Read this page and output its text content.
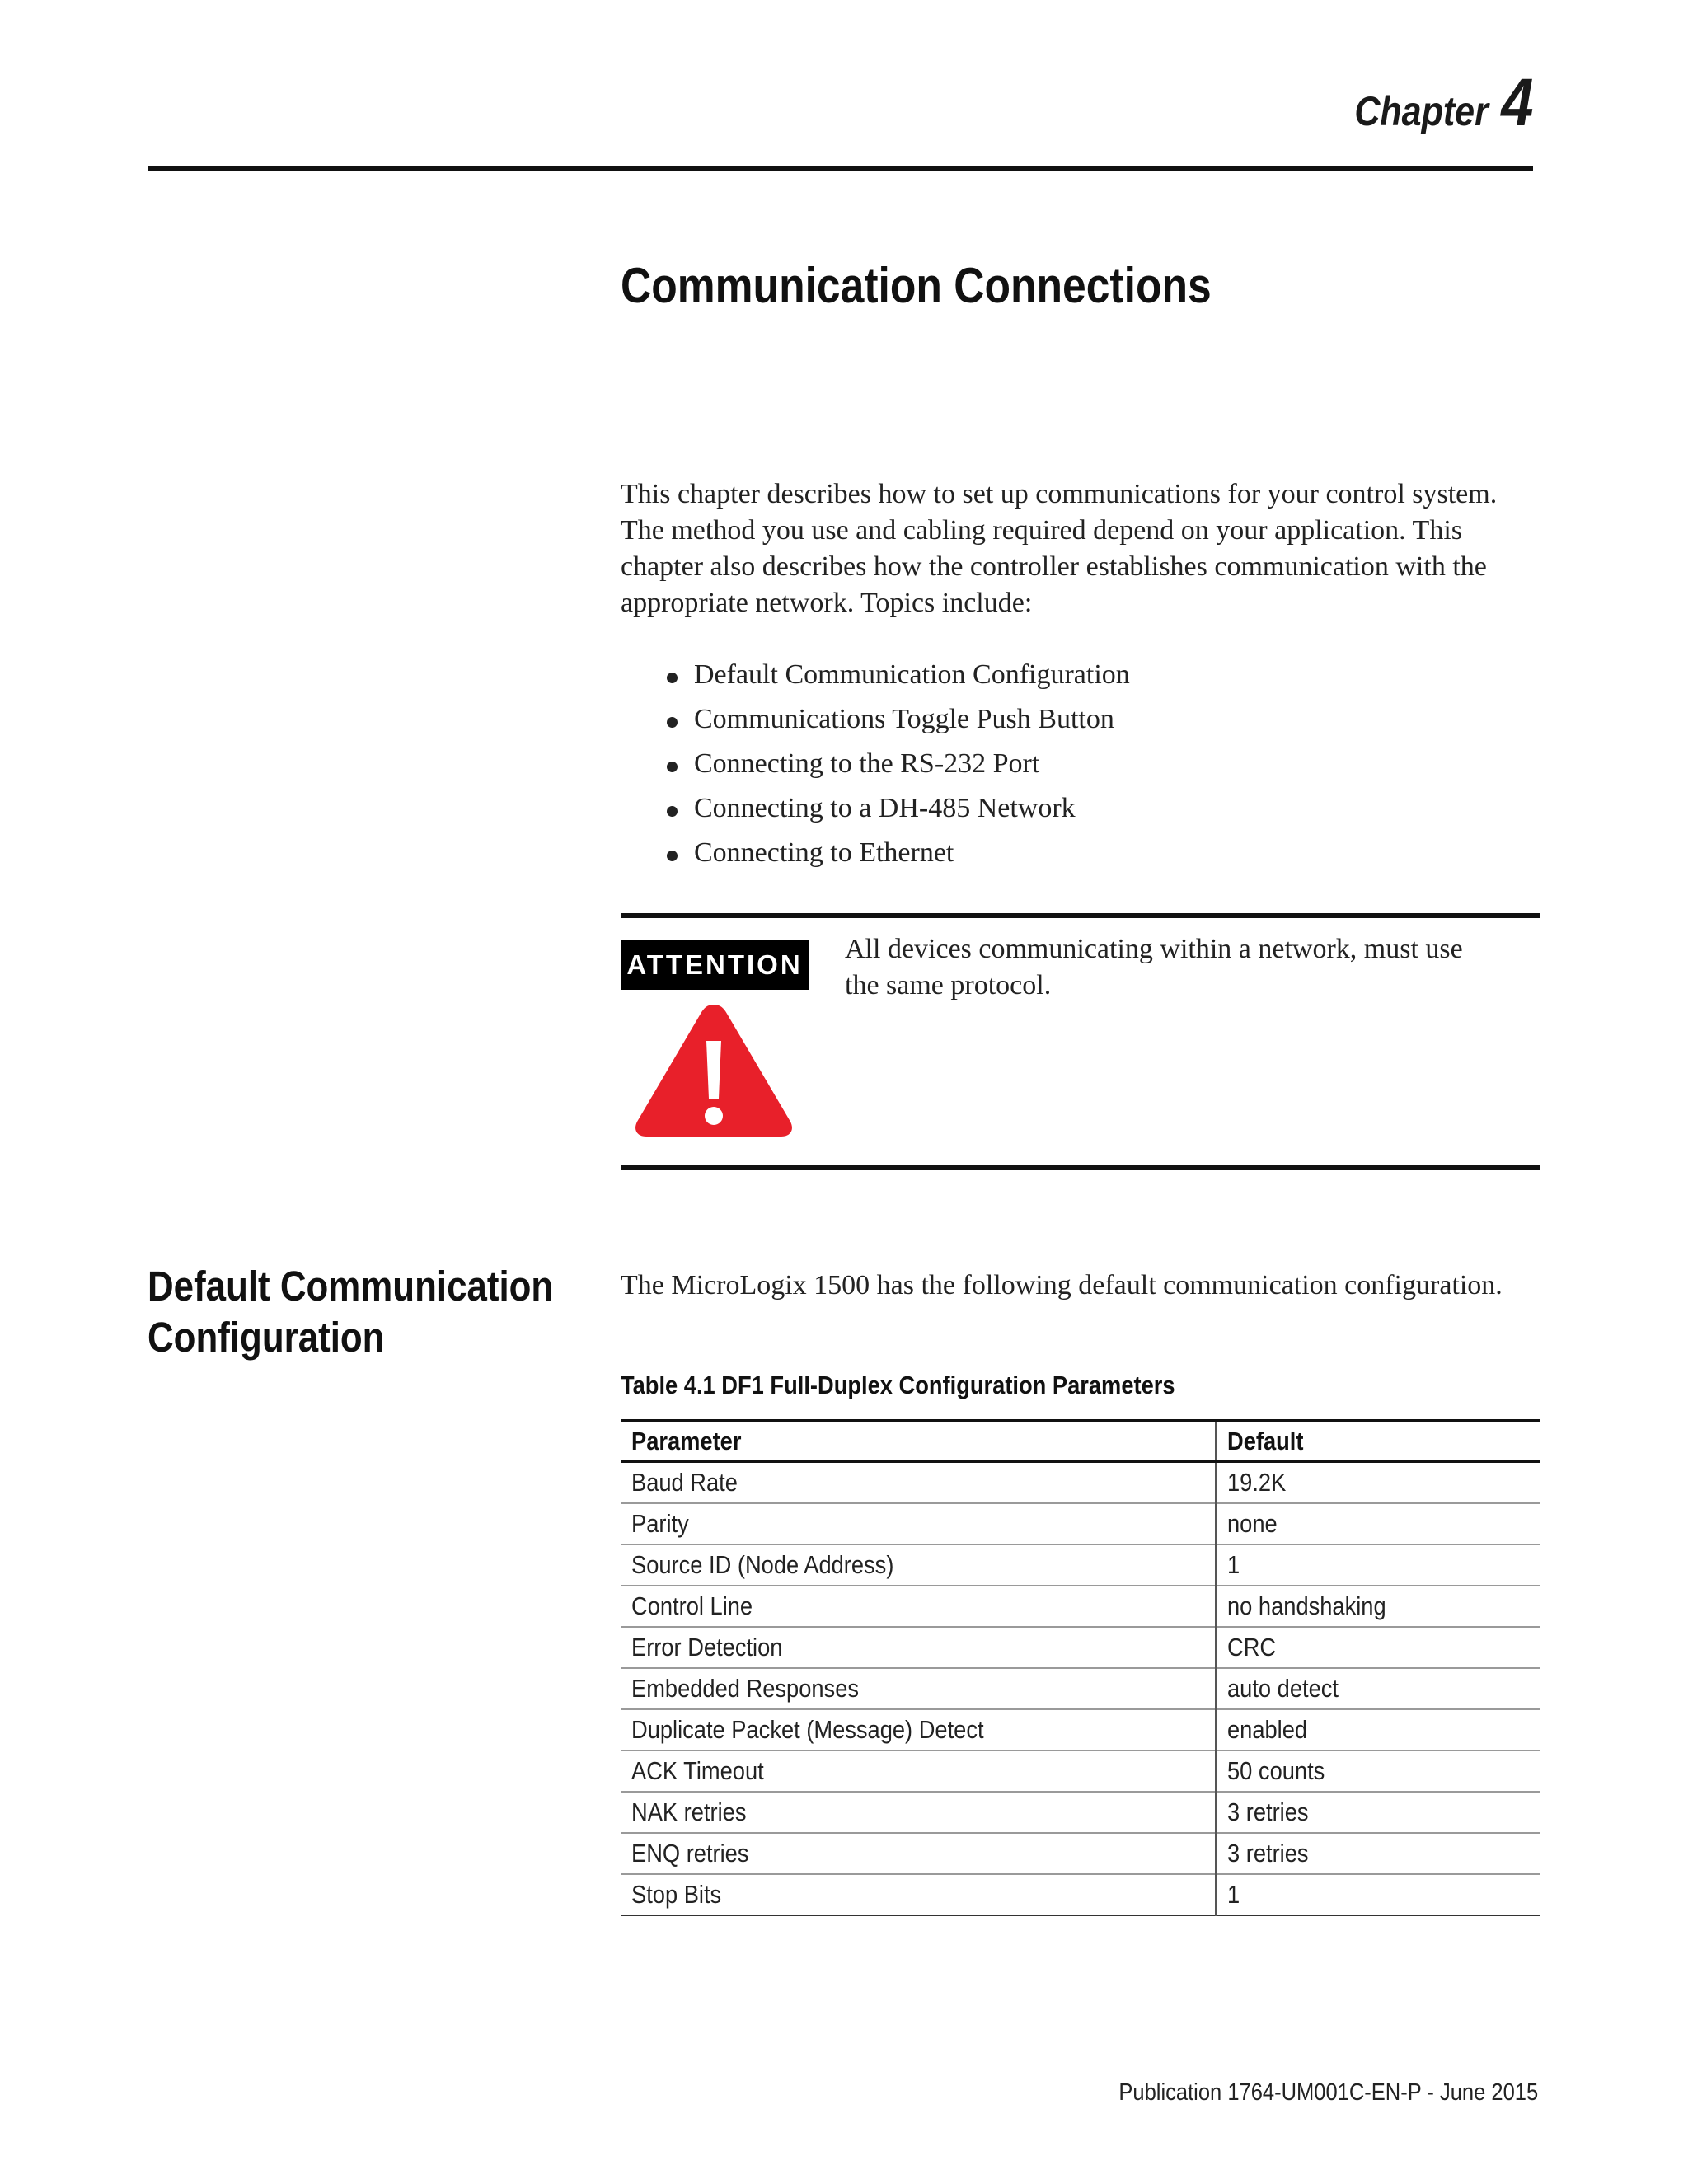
Chapter 4
Communication Connections

This chapter describes how to set up communications for your control system. The method you use and cabling required depend on your application. This chapter also describes how the controller establishes communication with the appropriate network. Topics include:

Default Communication Configuration
Communications Toggle Push Button
Connecting to the RS-232 Port
Connecting to a DH-485 Network
Connecting to Ethernet
ATTENTION

All devices communicating within a network, must use the same protocol.

Default Communication
Configuration

The MicroLogix 1500 has the following default communication configuration.

Table 4.1 DF1 Full-Duplex Configuration Parameters

Parameter	Default
Baud Rate	19.2K
Parity	none
Source ID (Node Address)	1
Control Line	no handshaking
Error Detection	CRC
Embedded Responses	auto detect
Duplicate Packet (Message) Detect	enabled
ACK Timeout	50 counts
NAK retries	3 retries
ENQ retries	3 retries
Stop Bits	1
Publication 1764-UM001C-EN-P - June 2015
